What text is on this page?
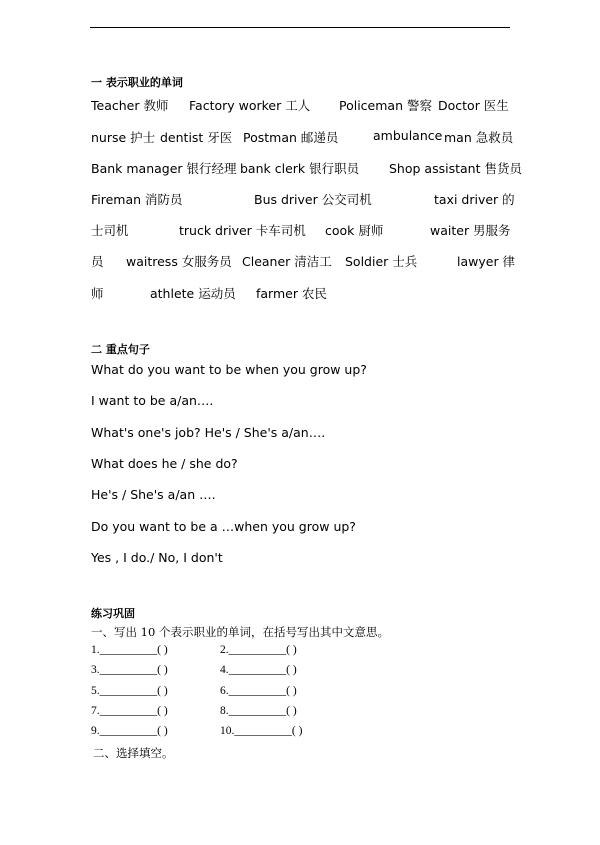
一 表示职业的单词
Teacher 教师 Factory worker 工人 Policeman 警察 Doctor 医生
nurse 护士 dentist 牙医 Postman 邮递员	ambulance man 急救员
Bank manager 银行经理 bank clerk 银行职员 Shop assistant 售货员
Fireman 消防员	Bus driver 公交司机	taxi driver 的
士司机	truck driver 卡车司机 cook 厨师	waiter 男服务
员 waitress 女服务员 Cleaner 清洁工 Soldier 士兵	lawyer 律
师	athlete 运动员 farmer 农民
二 重点句子
What do you want to be when you grow up?
I want to be a/an….
What's one's job? He's / She's a/an….
What does he / she do?
He's / She's a/an ….
Do you want to be a …when you grow up?
Yes , I do./ No, I don't
练习巩固
一、写出 10 个表示职业的单词，在括号写出其中文意思。
1.__________( )	2.__________( )
3.__________( )	4.__________( )
5.__________( )	6.__________( )
7.__________( )	8.__________( )
9.__________( )	10.__________( )
二、选择填空。
